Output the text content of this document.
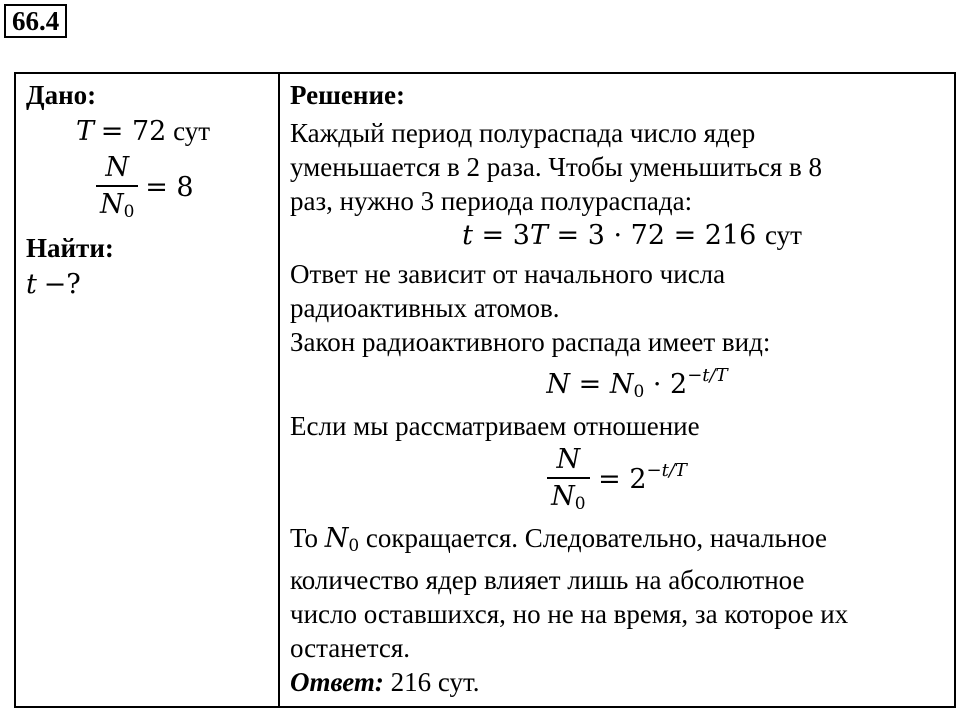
66.4
Дано:
T = 72 сут
$\frac{N}{N_0} = 8$
Найти:
t −?
Решение:
Каждый период полураспада число ядер
уменьшается в 2 раза. Чтобы уменьшиться в 8
раз, нужно 3 периода полураспада:
t = 3T = 3 · 72 = 216 сут
Ответ не зависит от начального числа
радиоактивных атомов.
Закон радиоактивного распада имеет вид:
$N = N_0 \cdot 2^{-t/T}$
Если мы рассматриваем отношение
$\frac{N}{N_0} = 2^{-t/T}$
То $N_0$ сокращается. Следовательно, начальное
количество ядер влияет лишь на абсолютное
число оставшихся, но не на время, за которое их
останется.
Ответ: 216 сут.
